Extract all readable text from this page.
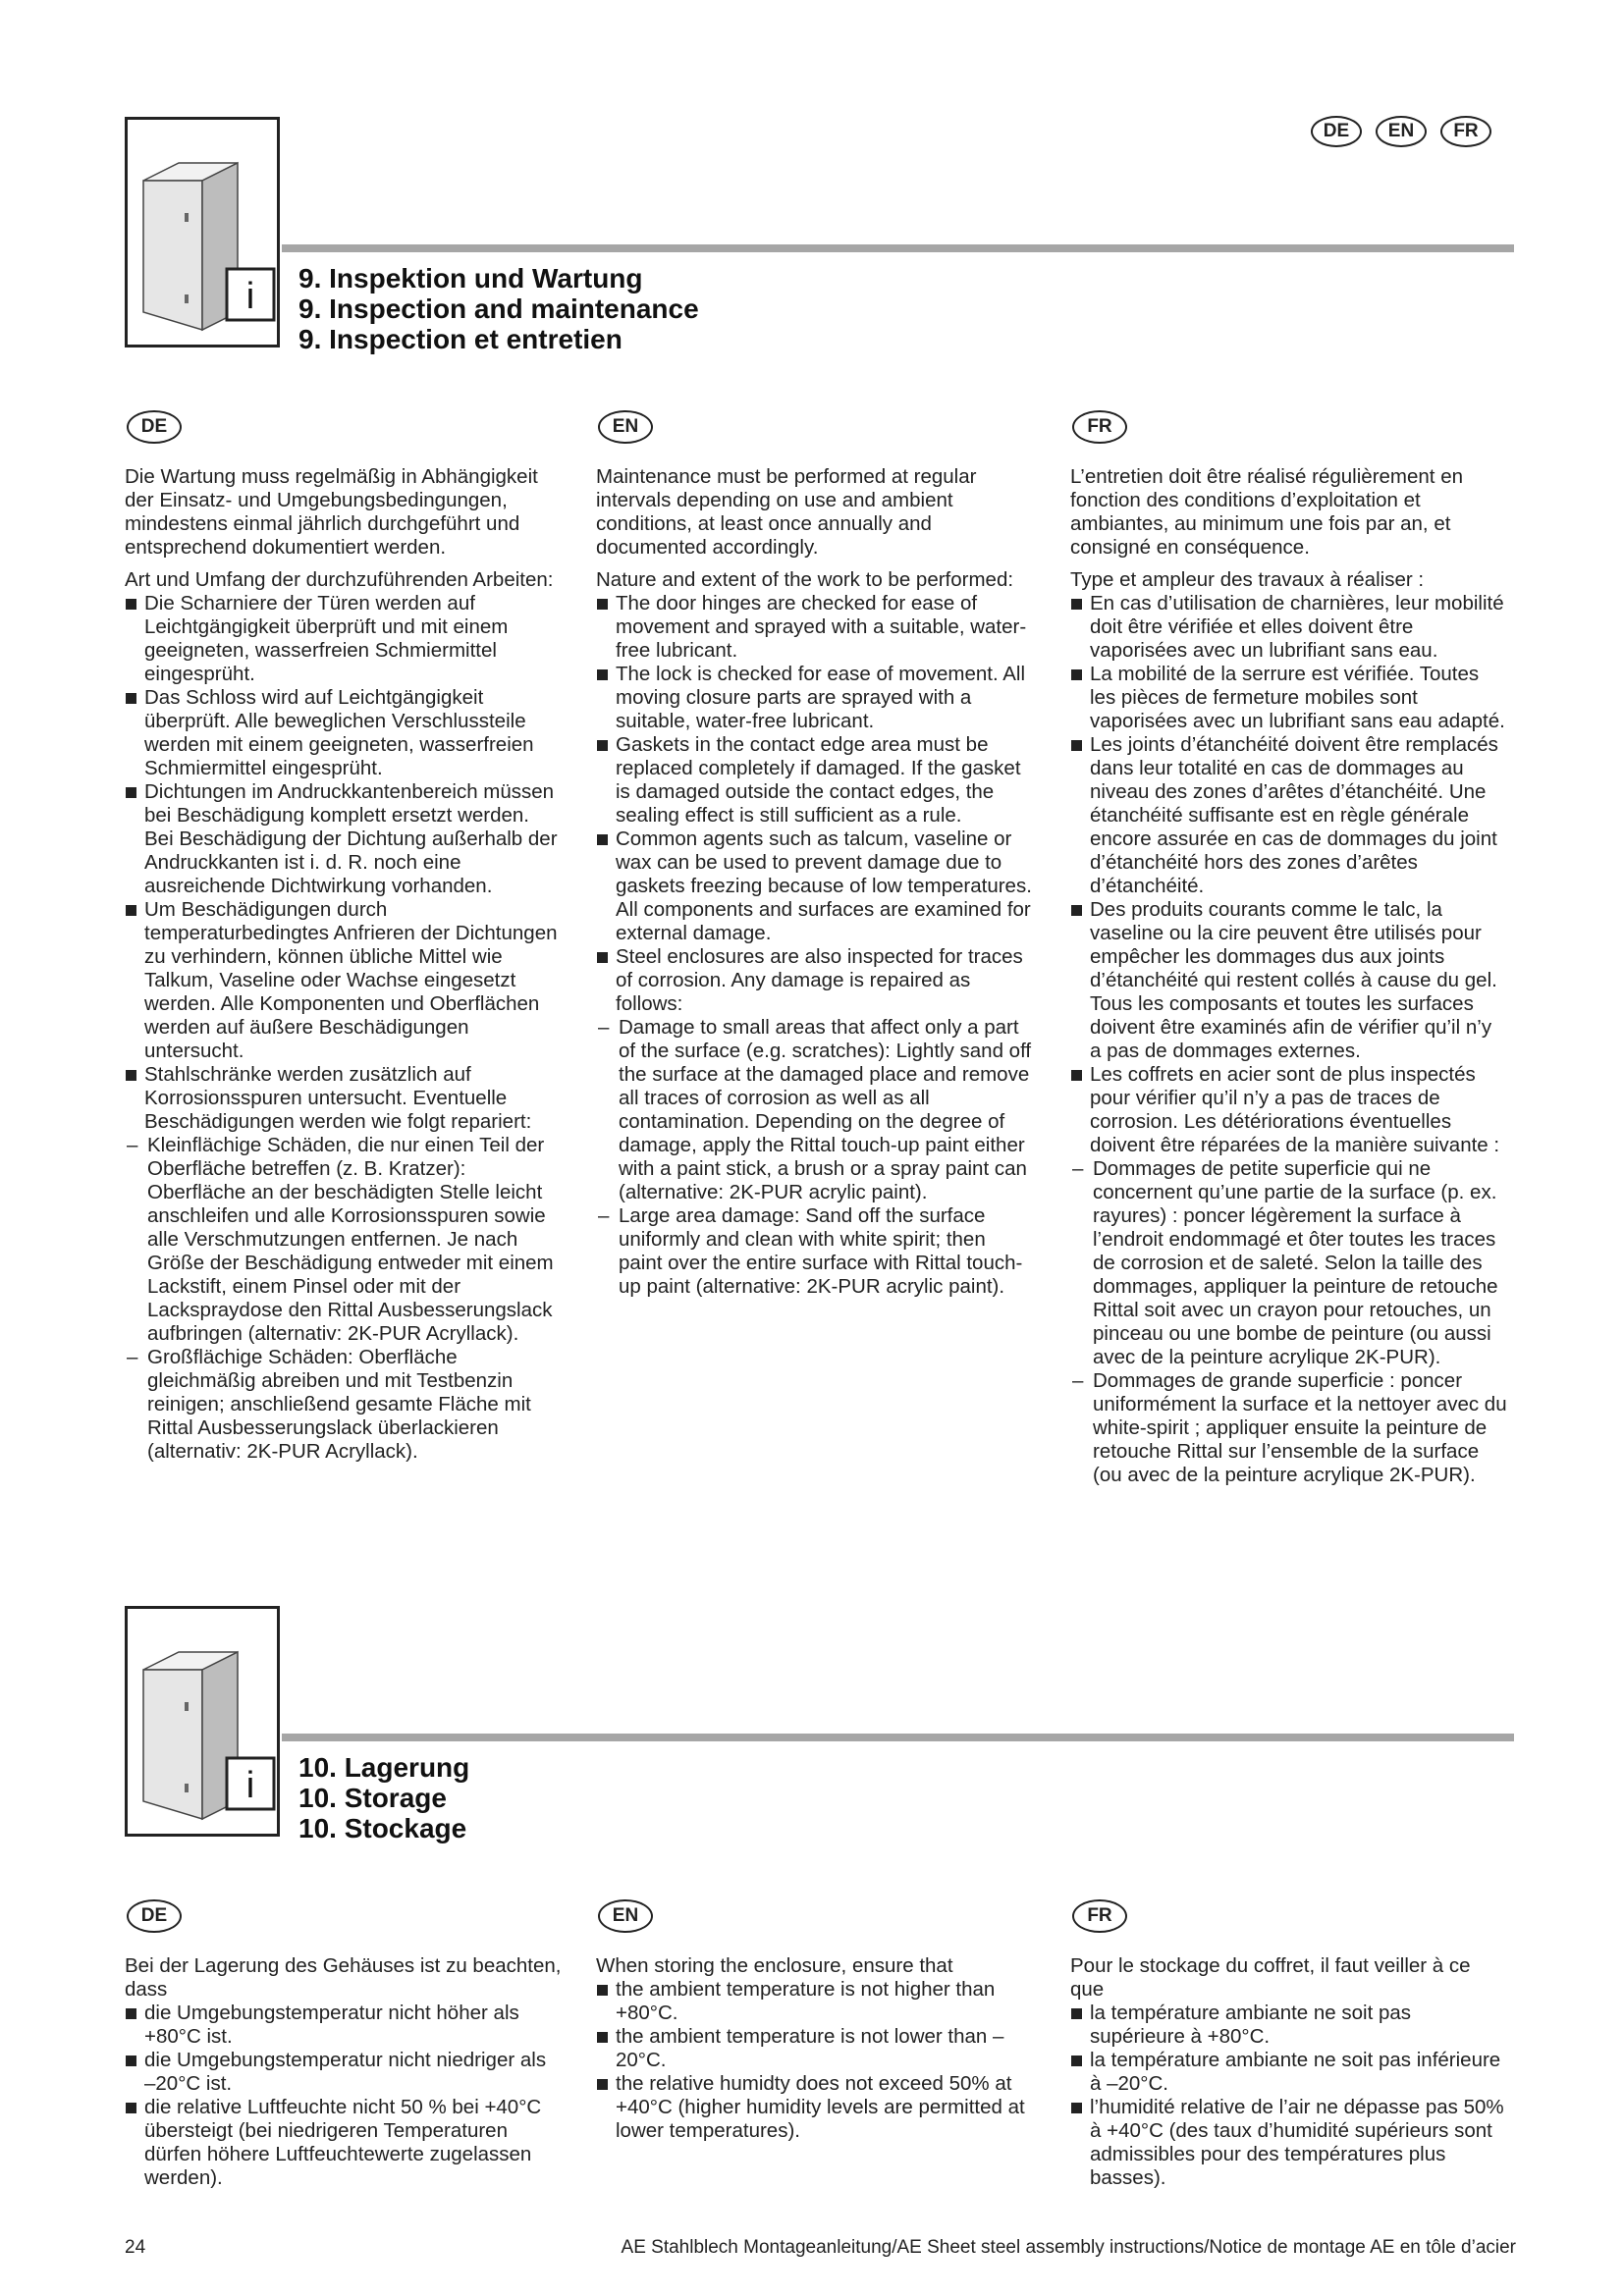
DE	EN	FR
i 9. Inspektion und Wartung
9. Inspection and maintenance
9. Inspection et entretien
DE

Die Wartung muss regelmäßig in Abhängigkeit der Einsatz- und Umgebungsbedingungen, mindestens einmal jährlich durchgeführt und entsprechend dokumentiert werden.

Art und Umfang der durchzuführenden Arbeiten:

Die Scharniere der Türen werden auf Leichtgängigkeit überprüft und mit einem geeigneten, wasserfreien Schmiermittel eingesprüht.
Das Schloss wird auf Leichtgängigkeit überprüft. Alle beweglichen Verschlussteile werden mit einem geeigneten, wasserfreien Schmiermittel eingesprüht.
Dichtungen im Andruckkantenbereich müssen bei Beschädigung komplett ersetzt werden. Bei Beschädigung der Dichtung außerhalb der Andruckkanten ist i. d. R. noch eine ausreichende Dichtwirkung vorhanden.
Um Beschädigungen durch temperaturbedingtes Anfrieren der Dichtungen zu verhindern, können übliche Mittel wie Talkum, Vaseline oder Wachse eingesetzt werden. Alle Komponenten und Oberflächen werden auf äußere Beschädigungen untersucht.
Stahlschränke werden zusätzlich auf Korrosionsspuren untersucht. Eventuelle Beschädigungen werden wie folgt repariert:
– Kleinflächige Schäden, die nur einen Teil der Oberfläche betreffen (z. B. Kratzer): Oberfläche an der beschädigten Stelle leicht anschleifen und alle Korrosionsspuren sowie alle Verschmutzungen entfernen. Je nach Größe der Beschädigung entweder mit einem Lackstift, einem Pinsel oder mit der Lackspraydose den Rittal Ausbesserungslack aufbringen (alternativ: 2K-PUR Acryllack).
– Großflächige Schäden: Oberfläche gleichmäßig abreiben und mit Testbenzin reinigen; anschließend gesamte Fläche mit Rittal Ausbesserungslack überlackieren (alternativ: 2K-PUR Acryllack).
EN

Maintenance must be performed at regular intervals depending on use and ambient conditions, at least once annually and documented accordingly.

Nature and extent of the work to be performed:

The door hinges are checked for ease of movement and sprayed with a suitable, water-free lubricant.
The lock is checked for ease of movement. All moving closure parts are sprayed with a suitable, water-free lubricant.
Gaskets in the contact edge area must be replaced completely if damaged. If the gasket is damaged outside the contact edges, the sealing effect is still sufficient as a rule.
Common agents such as talcum, vaseline or wax can be used to prevent damage due to gaskets freezing because of low temperatures. All components and surfaces are examined for external damage.
Steel enclosures are also inspected for traces of corrosion. Any damage is repaired as follows:
– Damage to small areas that affect only a part of the surface (e.g. scratches): Lightly sand off the surface at the damaged place and remove all traces of corrosion as well as all contamination. Depending on the degree of damage, apply the Rittal touch-up paint either with a paint stick, a brush or a spray paint can (alternative: 2K-PUR acrylic paint).
– Large area damage: Sand off the surface uniformly and clean with white spirit; then paint over the entire surface with Rittal touch-up paint (alternative: 2K-PUR acrylic paint).
FR

L’entretien doit être réalisé régulièrement en fonction des conditions d’exploitation et ambiantes, au minimum une fois par an, et consigné en conséquence.

Type et ampleur des travaux à réaliser :

En cas d’utilisation de charnières, leur mobilité doit être vérifiée et elles doivent être vaporisées avec un lubrifiant sans eau.
La mobilité de la serrure est vérifiée. Toutes les pièces de fermeture mobiles sont vaporisées avec un lubrifiant sans eau adapté.
Les joints d’étanchéité doivent être remplacés dans leur totalité en cas de dommages au niveau des zones d’arêtes d’étanchéité. Une étanchéité suffisante est en règle générale encore assurée en cas de dommages du joint d’étanchéité hors des zones d’arêtes d’étanchéité.
Des produits courants comme le talc, la vaseline ou la cire peuvent être utilisés pour empêcher les dommages dus aux joints d’étanchéité qui restent collés à cause du gel. Tous les composants et toutes les surfaces doivent être examinés afin de vérifier qu’il n’y a pas de dommages externes.
Les coffrets en acier sont de plus inspectés pour vérifier qu’il n’y a pas de traces de corrosion. Les détériorations éventuelles doivent être réparées de la manière suivante :
– Dommages de petite superficie qui ne concernent qu’une partie de la surface (p. ex. rayures) : poncer légèrement la surface à l’endroit endommagé et ôter toutes les traces de corrosion et de saleté. Selon la taille des dommages, appliquer la peinture de retouche Rittal soit avec un crayon pour retouches, un pinceau ou une bombe de peinture (ou aussi avec de la peinture acrylique 2K-PUR).
– Dommages de grande superficie : poncer uniformément la surface et la nettoyer avec du white-spirit ; appliquer ensuite la peinture de retouche Rittal sur l’ensemble de la surface (ou avec de la peinture acrylique 2K-PUR).
i 10. Lagerung
10. Storage
10. Stockage
DE

Bei der Lagerung des Gehäuses ist zu beachten, dass

die Umgebungstemperatur nicht höher als +80°C ist.
die Umgebungstemperatur nicht niedriger als –20°C ist.
die relative Luftfeuchte nicht 50 % bei +40°C übersteigt (bei niedrigeren Temperaturen dürfen höhere Luftfeuchtewerte zugelassen werden).
EN

When storing the enclosure, ensure that

the ambient temperature is not higher than +80°C.
the ambient temperature is not lower than –20°C.
the relative humidty does not exceed 50% at +40°C (higher humidity levels are permitted at lower temperatures).
FR

Pour le stockage du coffret, il faut veiller à ce que

la température ambiante ne soit pas supérieure à +80°C.
la température ambiante ne soit pas inférieure à –20°C.
l’humidité relative de l’air ne dépasse pas 50% à +40°C (des taux d’humidité supérieurs sont admissibles pour des températures plus basses).
24	AE Stahlblech Montageanleitung/AE Sheet steel assembly instructions/Notice de montage AE en tôle d’acier
